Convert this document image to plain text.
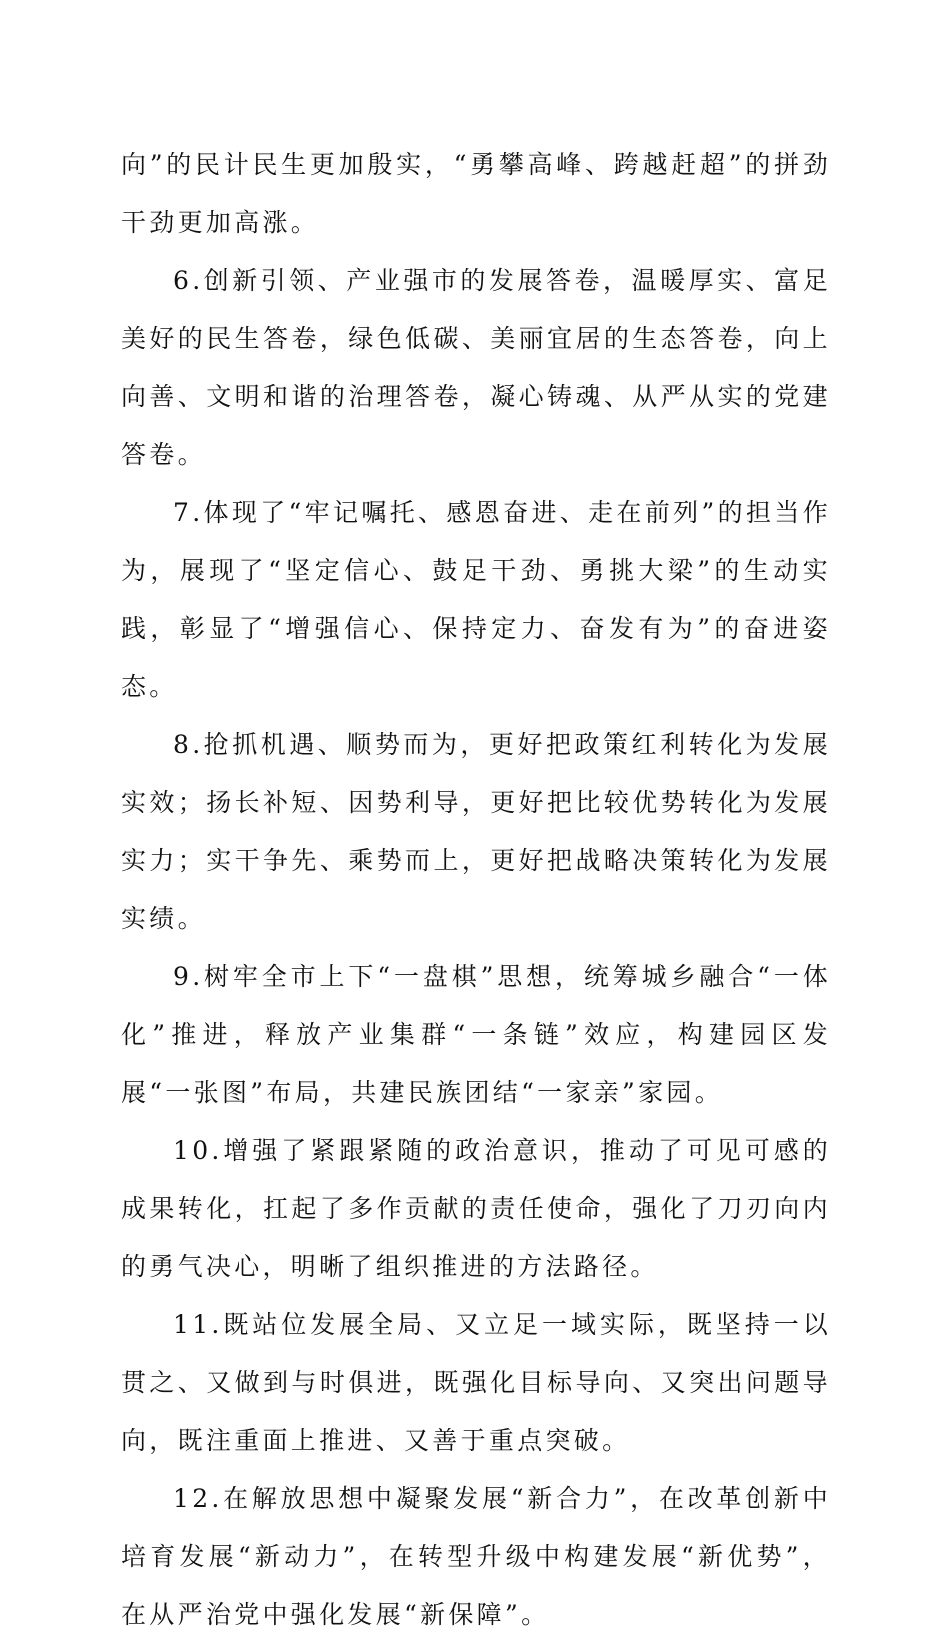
向”的民计民生更加殷实，“勇攀高峰、跨越赶超”的拼劲干劲更加高涨。

6.创新引领、产业强市的发展答卷，温暖厚实、富足美好的民生答卷，绿色低碳、美丽宜居的生态答卷，向上向善、文明和谐的治理答卷，凝心铸魂、从严从实的党建答卷。

7.体现了“牢记嘱托、感恩奋进、走在前列”的担当作为，展现了“坚定信心、鼓足干劲、勇挑大梁”的生动实践，彰显了“增强信心、保持定力、奋发有为”的奋进姿态。

8.抢抓机遇、顺势而为，更好把政策红利转化为发展实效；扬长补短、因势利导，更好把比较优势转化为发展实力；实干争先、乘势而上，更好把战略决策转化为发展实绩。

9.树牢全市上下“一盘棋”思想，统筹城乡融合“一体化”推进，释放产业集群“一条链”效应，构建园区发展“一张图”布局，共建民族团结“一家亲”家园。

10.增强了紧跟紧随的政治意识，推动了可见可感的成果转化，扛起了多作贡献的责任使命，强化了刀刃向内的勇气决心，明晰了组织推进的方法路径。

11.既站位发展全局、又立足一域实际，既坚持一以贯之、又做到与时俱进，既强化目标导向、又突出问题导向，既注重面上推进、又善于重点突破。

12.在解放思想中凝聚发展“新合力”，在改革创新中培育发展“新动力”，在转型升级中构建发展“新优势”，在从严治党中强化发展“新保障”。
